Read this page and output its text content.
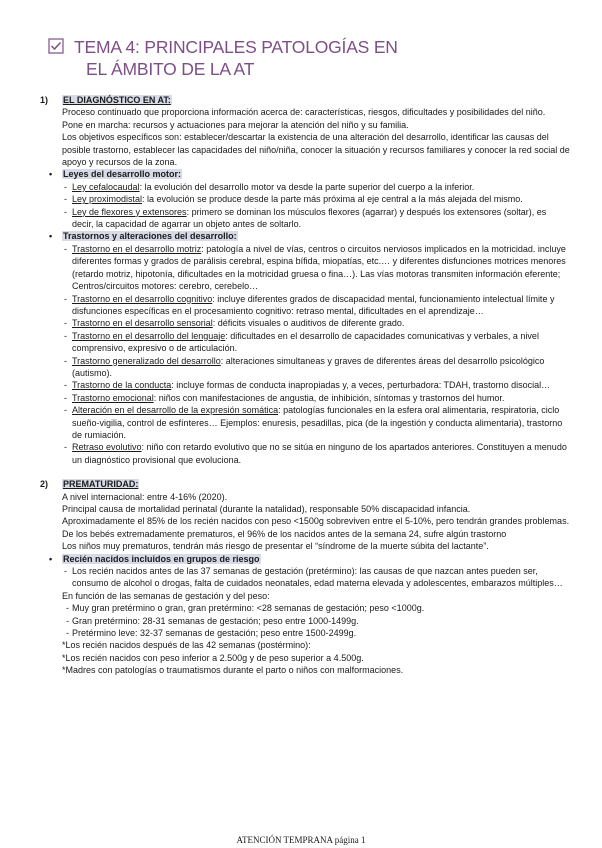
TEMA 4: PRINCIPALES PATOLOGÍAS EN
EL ÁMBITO DE LA AT
1) EL DIAGNÓSTICO EN AT:

Proceso continuado que proporciona información acerca de: características, riesgos, dificultades y posibilidades del niño.

Pone en marcha: recursos y actuaciones para mejorar la atención del niño y su familia.

Los objetivos específicos son: establecer/descartar la existencia de una alteración del desarrollo, identificar las causas del posible trastorno, establecer las capacidades del niño/niña, conocer la situación y recursos familiares y conocer la red social de apoyo y recursos de la zona.

• Leyes del desarrollo motor:
- Ley cefalocaudal: la evolución del desarrollo motor va desde la parte superior del cuerpo a la inferior.
- Ley proximodistal: la evolución se produce desde la parte más próxima al eje central a la más alejada del mismo.
- Ley de flexores y extensores: primero se dominan los músculos flexores (agarrar) y después los extensores (soltar), es decir, la capacidad de agarrar un objeto antes de soltarlo.
• Trastornos y alteraciones del desarrollo:
- Trastorno en el desarrollo motriz: patología a nivel de vías, centros o circuitos nerviosos implicados en la motricidad. incluye diferentes formas y grados de parálisis cerebral, espina bífida, miopatías, etc.… y diferentes disfunciones motrices menores (retardo motriz, hipotonía, dificultades en la motricidad gruesa o fina…). Las vías motoras transmiten información eferente; Centros/circuitos motores: cerebro, cerebelo…
- Trastorno en el desarrollo cognitivo: incluye diferentes grados de discapacidad mental, funcionamiento intelectual límite y disfunciones específicas en el procesamiento cognitivo: retraso mental, dificultades en el aprendizaje…
- Trastorno en el desarrollo sensorial: déficits visuales o auditivos de diferente grado.
- Trastorno en el desarrollo del lenguaje: dificultades en el desarrollo de capacidades comunicativas y verbales, a nivel comprensivo, expresivo o de articulación.
- Trastorno generalizado del desarrollo: alteraciones simultaneas y graves de diferentes áreas del desarrollo psicológico (autismo).
- Trastorno de la conducta: incluye formas de conducta inapropiadas y, a veces, perturbadora: TDAH, trastorno disocial…
- Trastorno emocional: niños con manifestaciones de angustia, de inhibición, síntomas y trastornos del humor.
- Alteración en el desarrollo de la expresión somática: patologías funcionales en la esfera oral alimentaria, respiratoria, ciclo sueño-vigilia, control de esfínteres… Ejemplos: enuresis, pesadillas, pica (de la ingestión y conducta alimentaria), trastorno de rumiación.
- Retraso evolutivo: niño con retardo evolutivo que no se sitúa en ninguno de los apartados anteriores. Constituyen a menudo un diagnóstico provisional que evoluciona.
2) PREMATURIDAD:

A nivel internacional: entre 4-16% (2020).

Principal causa de mortalidad perinatal (durante la natalidad), responsable 50% discapacidad infancia.

Aproximadamente el 85% de los recién nacidos con peso <1500g sobreviven entre el 5-10%, pero tendrán grandes problemas.

De los bebés extremadamente prematuros, el 96% de los nacidos antes de la semana 24, sufre algún trastorno

Los niños muy prematuros, tendrán más riesgo de presentar el “síndrome de la muerte súbita del lactante”.

• Recién nacidos incluidos en grupos de riesgo
- Los recién nacidos antes de las 37 semanas de gestación (pretérmino): las causas de que nazcan antes pueden ser, consumo de alcohol o drogas, falta de cuidados neonatales, edad materna elevada y adolescentes, embarazos múltiples…

En función de las semanas de gestación y del peso:

- Muy gran pretérmino o gran, gran pretérmino: <28 semanas de gestación; peso <1000g.
- Gran pretérmino: 28-31 semanas de gestación; peso entre 1000-1499g.
- Pretérmino leve: 32-37 semanas de gestación; peso entre 1500-2499g.
*Los recién nacidos después de las 42 semanas (postérmino):
*Los recién nacidos con peso inferior a 2.500g y de peso superior a 4.500g.
*Madres con patologías o traumatismos durante el parto o niños con malformaciones.
ATENCIÓN TEMPRANA página 1
